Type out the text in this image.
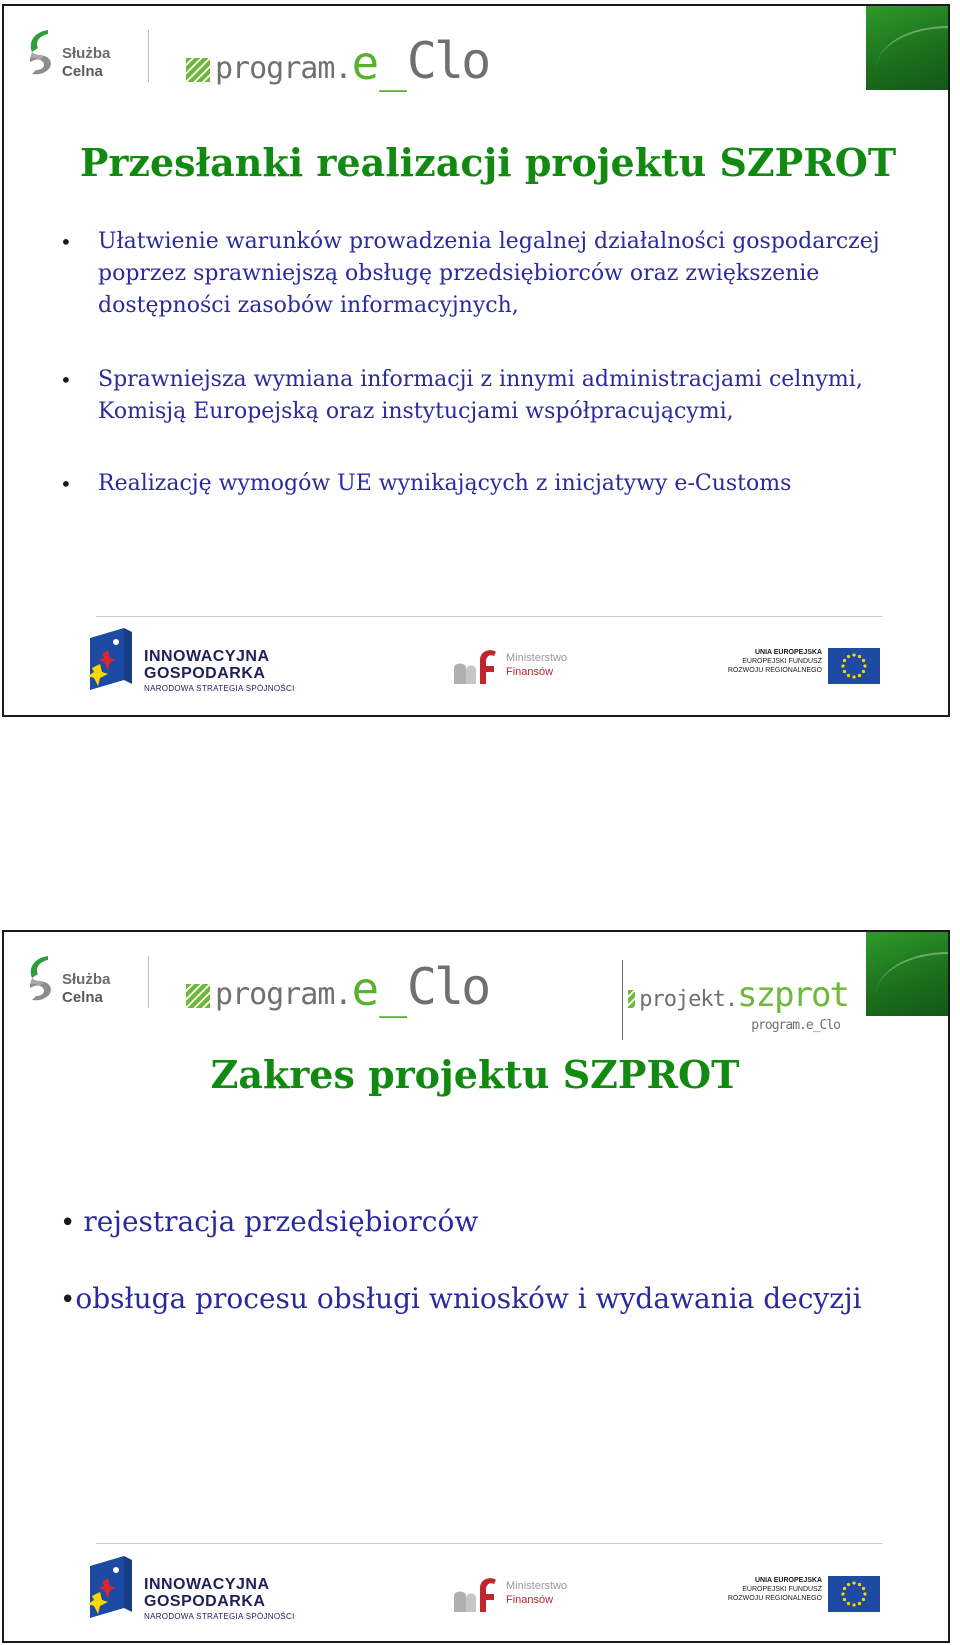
Służba
Celna	program. e _ Clo
Przesłanki realizacji projektu SZPROT
• Ułatwienie warunków prowadzenia legalnej działalności gospodarczej poprzez sprawniejszą obsługę przedsiębiorców oraz zwiększenie dostępności zasobów informacyjnych,
• Sprawniejsza wymiana informacji z innymi administracjami celnymi, Komisją Europejską oraz instytucjami współpracującymi,
• Realizację wymogów UE wynikających z inicjatywy e-Customs
INNOWACYJNA
GOSPODARKA
NARODOWA STRATEGIA SPÓJNOŚCI
Ministerstwo
Finansów
UNIA EUROPEJSKA
EUROPEJSKI FUNDUSZ
ROZWOJU REGIONALNEGO
Służba
Celna	program. e _ Clo	projekt. szprot
program.e_Clo
Zakres projektu SZPROT
• rejestracja przedsiębiorców
•obsługa procesu obsługi wniosków i wydawania decyzji
INNOWACYJNA
GOSPODARKA
NARODOWA STRATEGIA SPÓJNOŚCI
Ministerstwo
Finansów
UNIA EUROPEJSKA
EUROPEJSKI FUNDUSZ
ROZWOJU REGIONALNEGO
